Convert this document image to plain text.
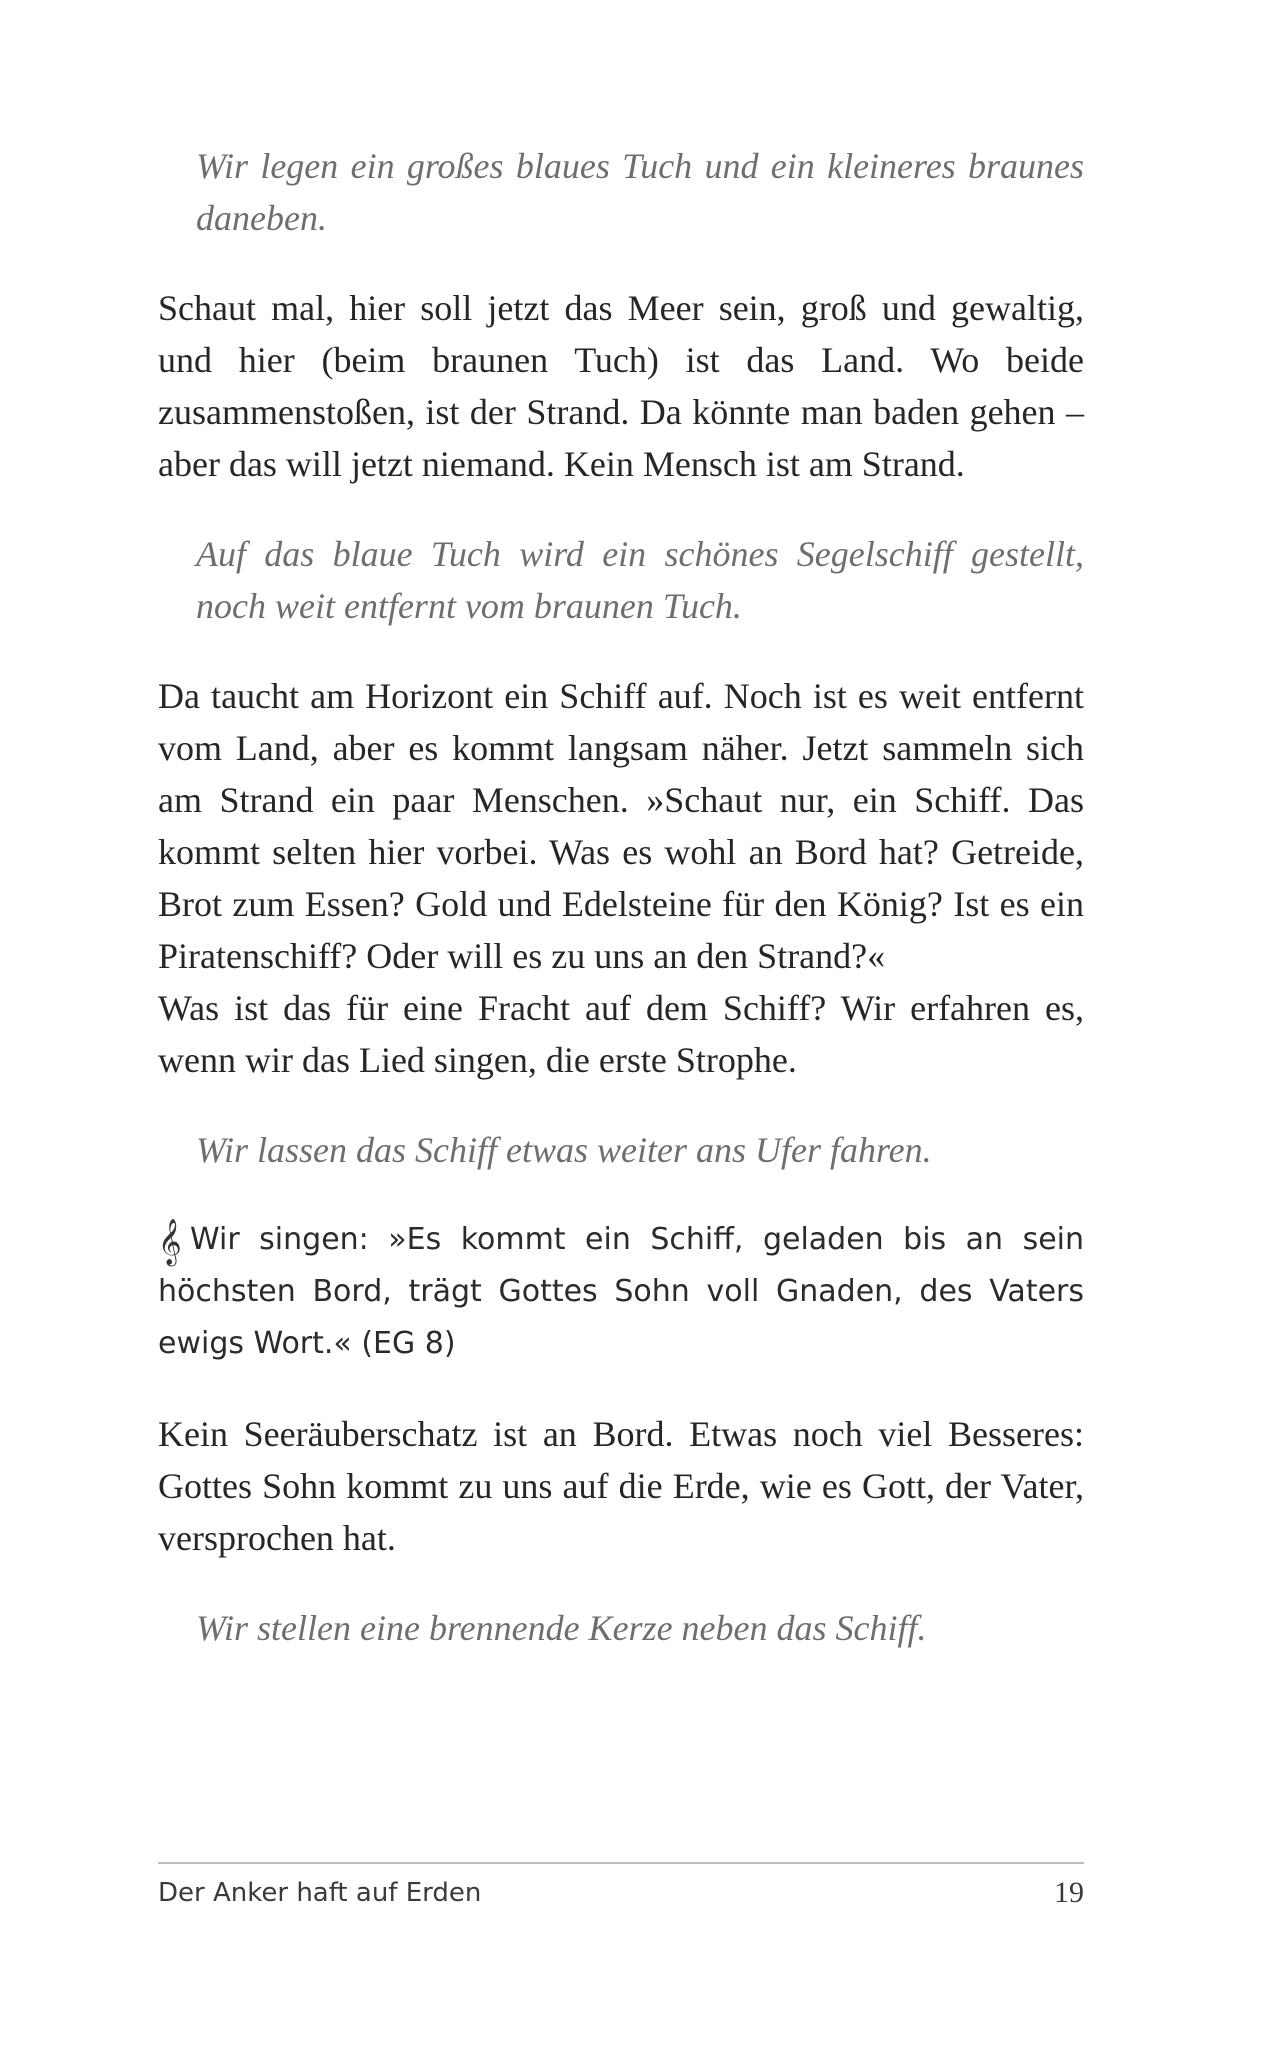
Wir legen ein großes blaues Tuch und ein kleineres braunes daneben.

Schaut mal, hier soll jetzt das Meer sein, groß und gewaltig, und hier (beim braunen Tuch) ist das Land. Wo beide zusammenstoßen, ist der Strand. Da könnte man baden gehen – aber das will jetzt niemand. Kein Mensch ist am Strand.

Auf das blaue Tuch wird ein schönes Segelschiff gestellt, noch weit entfernt vom braunen Tuch.

Da taucht am Horizont ein Schiff auf. Noch ist es weit entfernt vom Land, aber es kommt langsam näher. Jetzt sammeln sich am Strand ein paar Menschen. »Schaut nur, ein Schiff. Das kommt selten hier vorbei. Was es wohl an Bord hat? Getreide, Brot zum Essen? Gold und Edelsteine für den König? Ist es ein Piratenschiff? Oder will es zu uns an den Strand?«

Was ist das für eine Fracht auf dem Schiff? Wir erfahren es, wenn wir das Lied singen, die erste Strophe.

Wir lassen das Schiff etwas weiter ans Ufer fahren.

𝄞 Wir singen: »Es kommt ein Schiff, geladen bis an sein höchsten Bord, trägt Gottes Sohn voll Gnaden, des Vaters ewigs Wort.« (EG 8)

Kein Seeräuberschatz ist an Bord. Etwas noch viel Besseres: Gottes Sohn kommt zu uns auf die Erde, wie es Gott, der Vater, versprochen hat.

Wir stellen eine brennende Kerze neben das Schiff.

Der Anker haft auf Erden	19
